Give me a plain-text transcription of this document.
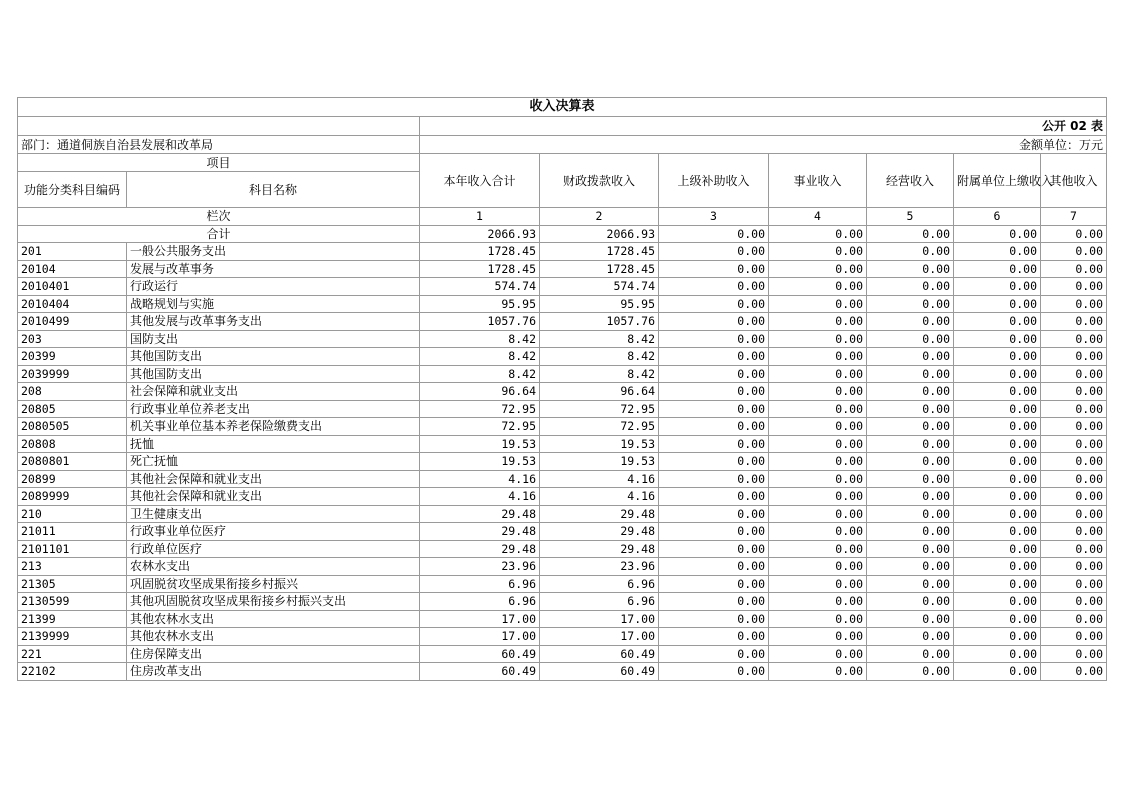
收入决算表								
		公开 02 表						
部门：通道侗族自治县发展和改革局		金额单位：万元						
项目		本年收入合计	财政拨款收入	上级补助收入	事业收入	经营收入	附属单位上缴收入	其他收入
功能分类科目编码	科目名称							
栏次		1	2	3	4	5	6	7
合计		2066.93	2066.93	0.00	0.00	0.00	0.00	0.00
201	一般公共服务支出	1728.45	1728.45	0.00	0.00	0.00	0.00	0.00
20104	发展与改革事务	1728.45	1728.45	0.00	0.00	0.00	0.00	0.00
2010401	行政运行	574.74	574.74	0.00	0.00	0.00	0.00	0.00
2010404	战略规划与实施	95.95	95.95	0.00	0.00	0.00	0.00	0.00
2010499	其他发展与改革事务支出	1057.76	1057.76	0.00	0.00	0.00	0.00	0.00
203	国防支出	8.42	8.42	0.00	0.00	0.00	0.00	0.00
20399	其他国防支出	8.42	8.42	0.00	0.00	0.00	0.00	0.00
2039999	其他国防支出	8.42	8.42	0.00	0.00	0.00	0.00	0.00
208	社会保障和就业支出	96.64	96.64	0.00	0.00	0.00	0.00	0.00
20805	行政事业单位养老支出	72.95	72.95	0.00	0.00	0.00	0.00	0.00
2080505	机关事业单位基本养老保险缴费支出	72.95	72.95	0.00	0.00	0.00	0.00	0.00
20808	抚恤	19.53	19.53	0.00	0.00	0.00	0.00	0.00
2080801	死亡抚恤	19.53	19.53	0.00	0.00	0.00	0.00	0.00
20899	其他社会保障和就业支出	4.16	4.16	0.00	0.00	0.00	0.00	0.00
2089999	其他社会保障和就业支出	4.16	4.16	0.00	0.00	0.00	0.00	0.00
210	卫生健康支出	29.48	29.48	0.00	0.00	0.00	0.00	0.00
21011	行政事业单位医疗	29.48	29.48	0.00	0.00	0.00	0.00	0.00
2101101	行政单位医疗	29.48	29.48	0.00	0.00	0.00	0.00	0.00
213	农林水支出	23.96	23.96	0.00	0.00	0.00	0.00	0.00
21305	巩固脱贫攻坚成果衔接乡村振兴	6.96	6.96	0.00	0.00	0.00	0.00	0.00
2130599	其他巩固脱贫攻坚成果衔接乡村振兴支出	6.96	6.96	0.00	0.00	0.00	0.00	0.00
21399	其他农林水支出	17.00	17.00	0.00	0.00	0.00	0.00	0.00
2139999	其他农林水支出	17.00	17.00	0.00	0.00	0.00	0.00	0.00
221	住房保障支出	60.49	60.49	0.00	0.00	0.00	0.00	0.00
22102	住房改革支出	60.49	60.49	0.00	0.00	0.00	0.00	0.00
